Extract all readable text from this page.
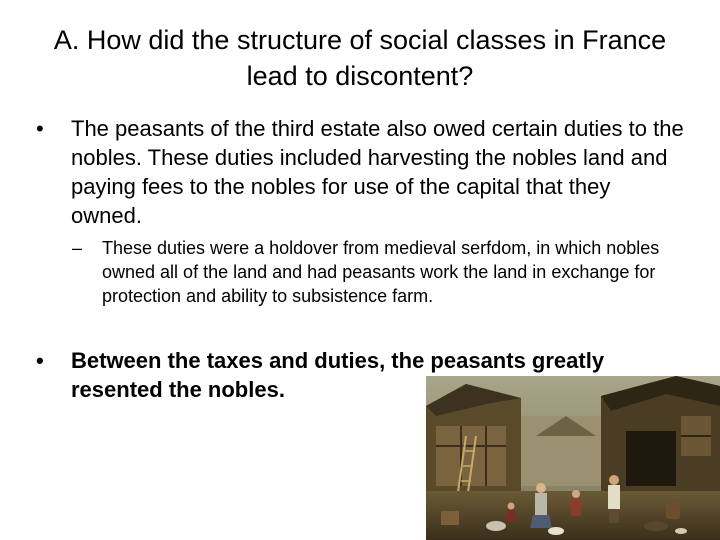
A. How did the structure of social classes in France lead to discontent?
•	The peasants of the third estate also owed certain duties to the nobles. These duties included harvesting the nobles land and paying fees to the nobles for use of the capital that they owned.
– These duties were a holdover from medieval serfdom, in which nobles owned all of the land and had peasants work the land in exchange for protection and ability to subsistence farm.
•	Between the taxes and duties, the peasants greatly resented the nobles.
